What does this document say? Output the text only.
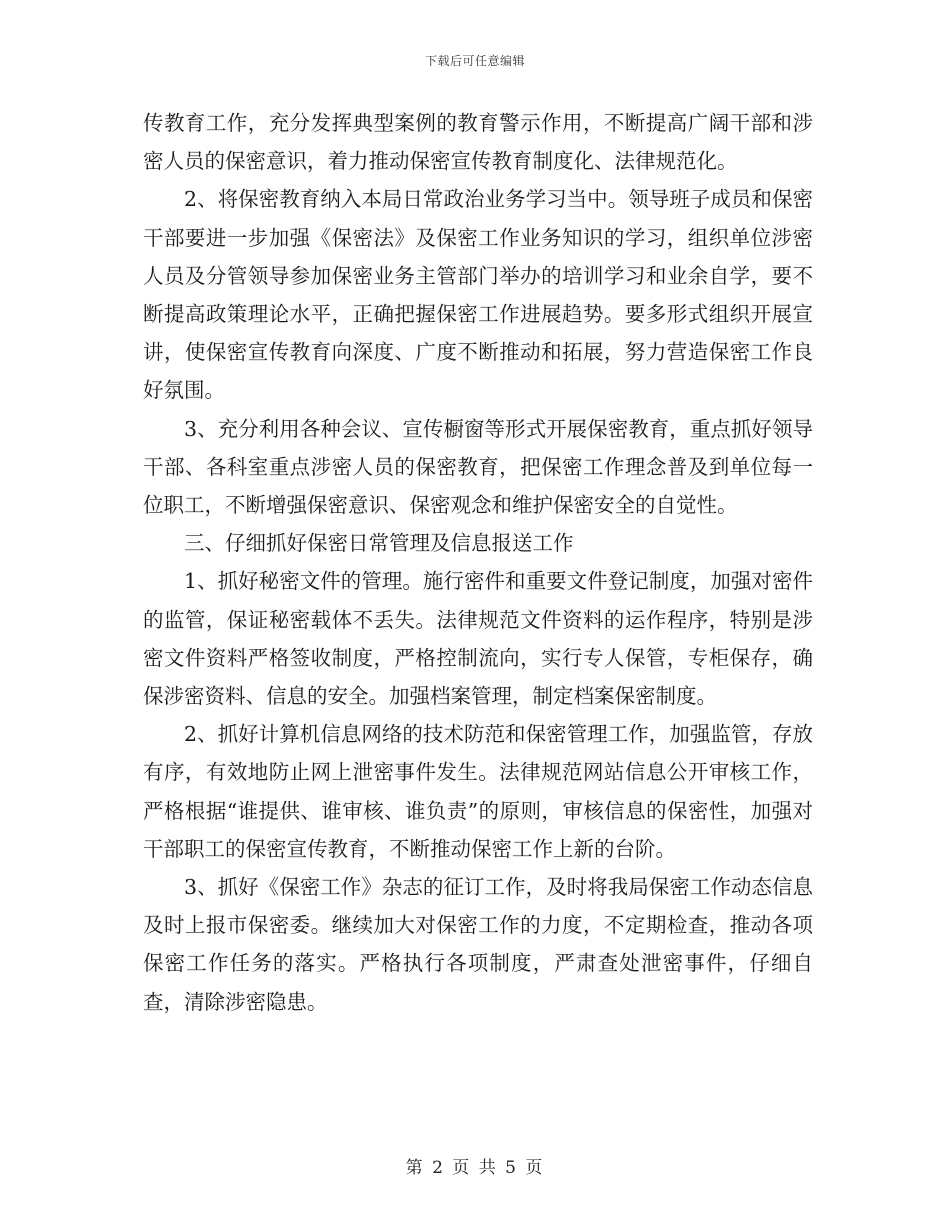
下载后可任意编辑

传教育工作，充分发挥典型案例的教育警示作用，不断提高广阔干部和涉密人员的保密意识，着力推动保密宣传教育制度化、法律规范化。

2、将保密教育纳入本局日常政治业务学习当中。领导班子成员和保密干部要进一步加强《保密法》及保密工作业务知识的学习，组织单位涉密人员及分管领导参加保密业务主管部门举办的培训学习和业余自学，要不断提高政策理论水平，正确把握保密工作进展趋势。要多形式组织开展宣讲，使保密宣传教育向深度、广度不断推动和拓展，努力营造保密工作良好氛围。

3、充分利用各种会议、宣传橱窗等形式开展保密教育，重点抓好领导干部、各科室重点涉密人员的保密教育，把保密工作理念普及到单位每一位职工，不断增强保密意识、保密观念和维护保密安全的自觉性。

三、仔细抓好保密日常管理及信息报送工作

1、抓好秘密文件的管理。施行密件和重要文件登记制度，加强对密件的监管，保证秘密载体不丢失。法律规范文件资料的运作程序，特别是涉密文件资料严格签收制度，严格控制流向，实行专人保管，专柜保存，确保涉密资料、信息的安全。加强档案管理，制定档案保密制度。

2、抓好计算机信息网络的技术防范和保密管理工作，加强监管，存放有序，有效地防止网上泄密事件发生。法律规范网站信息公开审核工作，严格根据“谁提供、谁审核、谁负责”的原则，审核信息的保密性，加强对干部职工的保密宣传教育，不断推动保密工作上新的台阶。

3、抓好《保密工作》杂志的征订工作，及时将我局保密工作动态信息及时上报市保密委。继续加大对保密工作的力度，不定期检查，推动各项保密工作任务的落实。严格执行各项制度，严肃查处泄密事件，仔细自查，清除涉密隐患。

第 2 页 共 5 页
